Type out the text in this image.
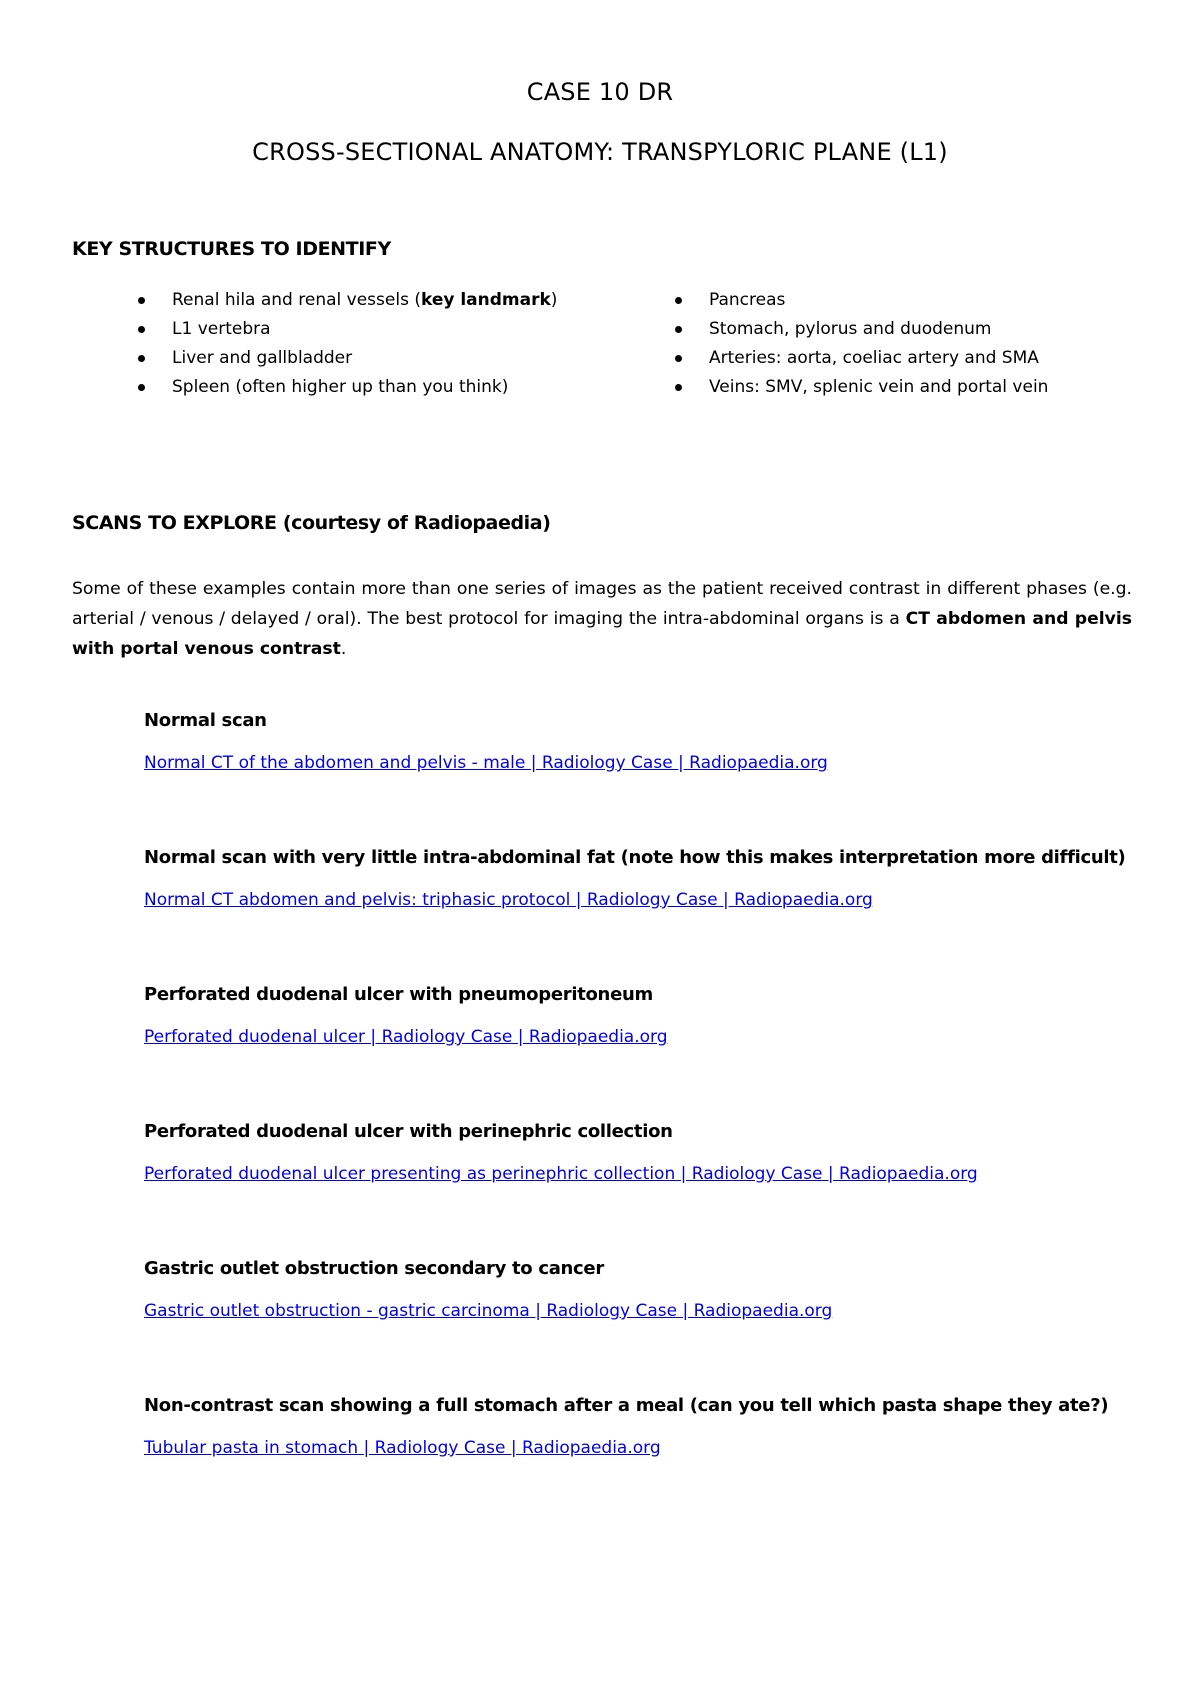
CASE 10 DR
CROSS-SECTIONAL ANATOMY: TRANSPYLORIC PLANE (L1)
KEY STRUCTURES TO IDENTIFY
Renal hila and renal vessels (key landmark)
L1 vertebra
Liver and gallbladder
Spleen (often higher up than you think)
Pancreas
Stomach, pylorus and duodenum
Arteries: aorta, coeliac artery and SMA
Veins: SMV, splenic vein and portal vein
SCANS TO EXPLORE (courtesy of Radiopaedia)

Some of these examples contain more than one series of images as the patient received contrast in different phases (e.g. arterial / venous / delayed / oral). The best protocol for imaging the intra-abdominal organs is a CT abdomen and pelvis with portal venous contrast.

Normal scan
Normal CT of the abdomen and pelvis - male | Radiology Case | Radiopaedia.org
Normal scan with very little intra-abdominal fat (note how this makes interpretation more difficult)
Normal CT abdomen and pelvis: triphasic protocol | Radiology Case | Radiopaedia.org
Perforated duodenal ulcer with pneumoperitoneum
Perforated duodenal ulcer | Radiology Case | Radiopaedia.org
Perforated duodenal ulcer with perinephric collection
Perforated duodenal ulcer presenting as perinephric collection | Radiology Case | Radiopaedia.org
Gastric outlet obstruction secondary to cancer
Gastric outlet obstruction - gastric carcinoma | Radiology Case | Radiopaedia.org
Non-contrast scan showing a full stomach after a meal (can you tell which pasta shape they ate?)
Tubular pasta in stomach | Radiology Case | Radiopaedia.org
